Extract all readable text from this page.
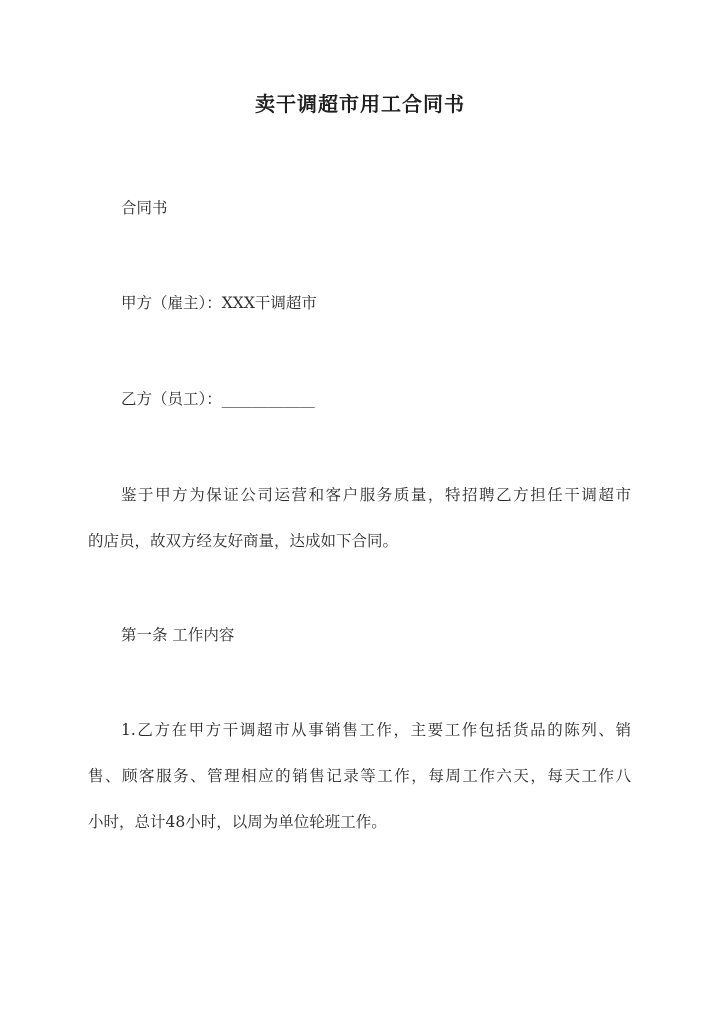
卖干调超市用工合同书
合同书
甲方（雇主）：XXX干调超市
乙方（员工）：____________
鉴于甲方为保证公司运营和客户服务质量，特招聘乙方担任干调超市
的店员，故双方经友好商量，达成如下合同。
第一条 工作内容
1.乙方在甲方干调超市从事销售工作，主要工作包括货品的陈列、销
售、顾客服务、管理相应的销售记录等工作，每周工作六天，每天工作八
小时，总计48小时，以周为单位轮班工作。
